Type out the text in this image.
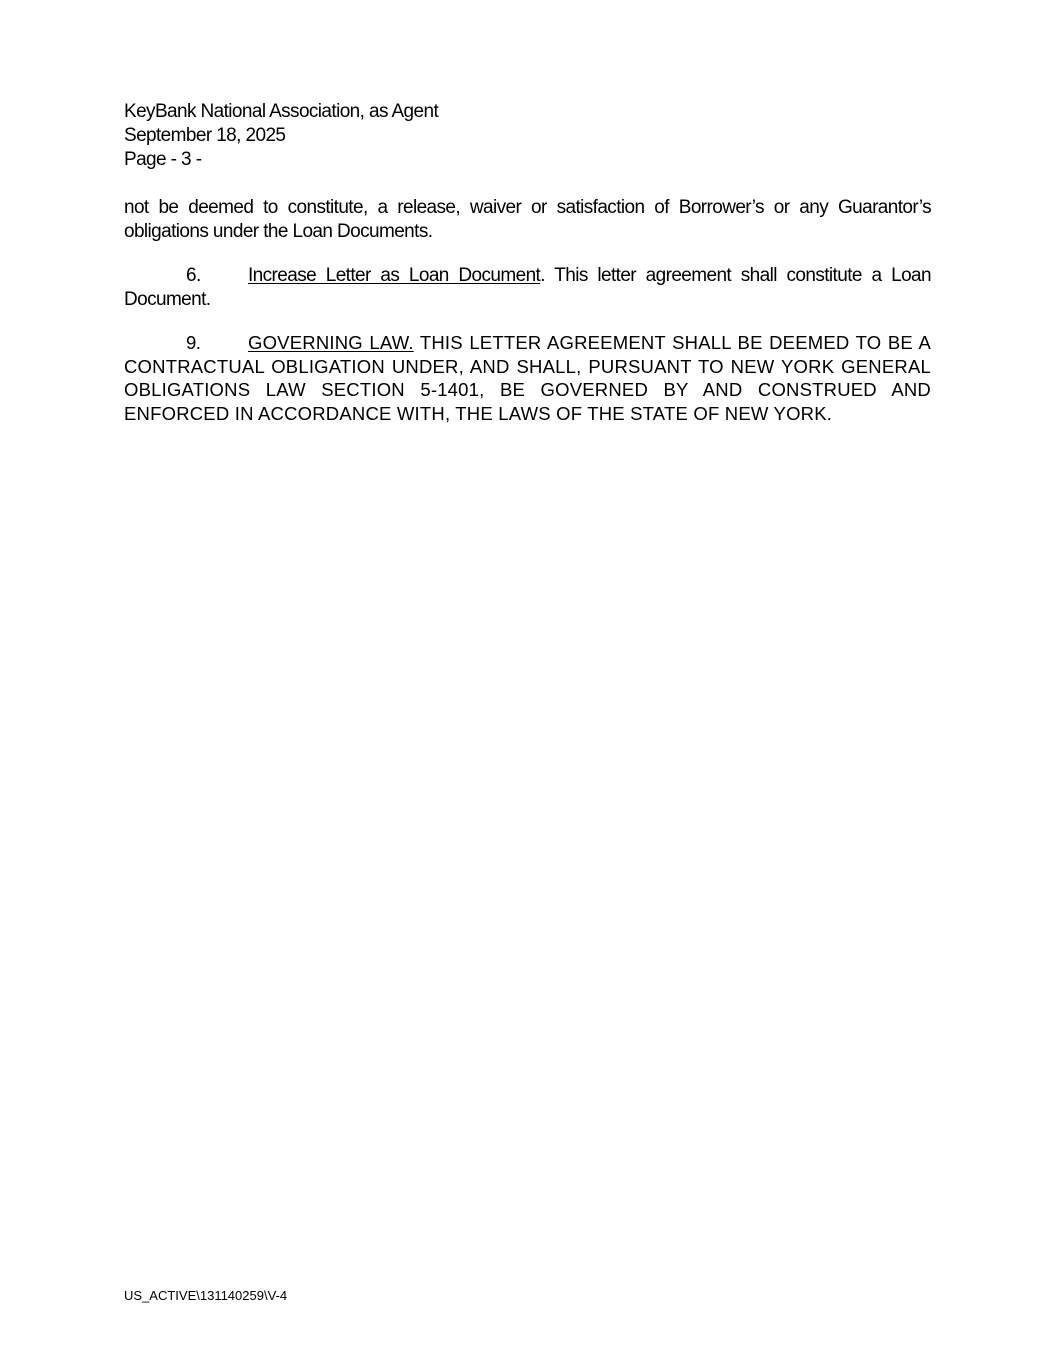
KeyBank National Association, as Agent
September 18, 2025
Page - 3 -
not be deemed to constitute, a release, waiver or satisfaction of Borrower’s or any Guarantor’s obligations under the Loan Documents.
6. Increase Letter as Loan Document. This letter agreement shall constitute a Loan Document.
9.	GOVERNING LAW. THIS LETTER AGREEMENT SHALL BE DEEMED TO BE A CONTRACTUAL OBLIGATION UNDER, AND SHALL, PURSUANT TO NEW YORK GENERAL OBLIGATIONS LAW SECTION 5-1401, BE GOVERNED BY AND CONSTRUED AND ENFORCED IN ACCORDANCE WITH, THE LAWS OF THE STATE OF NEW YORK.
US_ACTIVE\131140259\V-4
